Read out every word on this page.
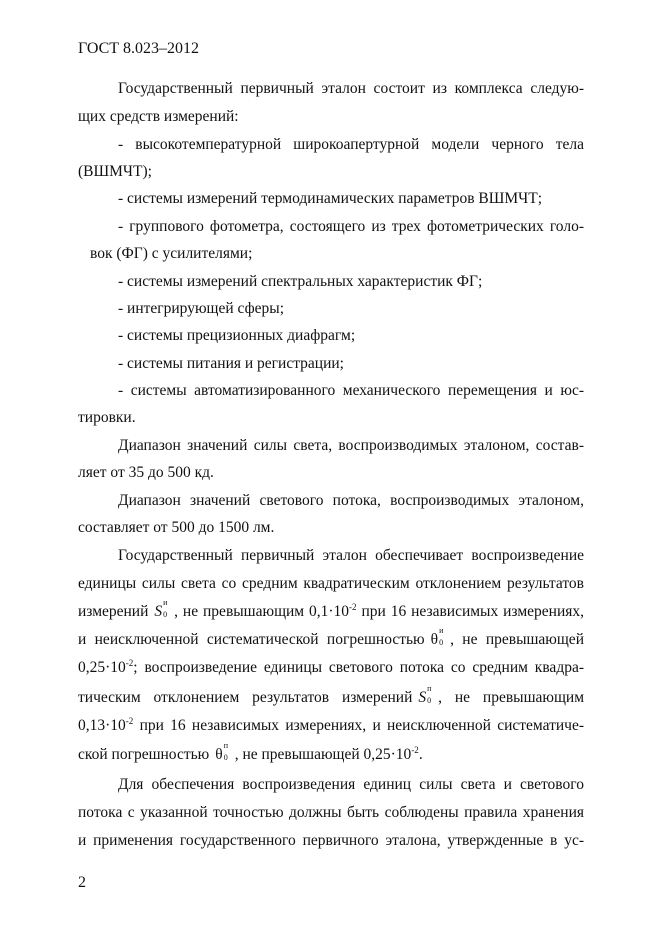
ГОСТ 8.023–2012
Государственный первичный эталон состоит из комплекса следую-
щих средств измерений:
- высокотемпературной широкоапертурной модели черного тела
(ВШМЧТ);
- системы измерений термодинамических параметров ВШМЧТ;
- группового фотометра, состоящего из трех фотометрических голо-
вок (ФГ) с усилителями;
- системы измерений спектральных характеристик ФГ;
- интегрирующей сферы;
- системы прецизионных диафрагм;
- системы питания и регистрации;
- системы автоматизированного механического перемещения и юс-
тировки.
Диапазон значений силы света, воспроизводимых эталоном, состав-
ляет от 35 до 500 кд.
Диапазон значений светового потока, воспроизводимых эталоном,
составляет от 500 до 1500 лм.
Государственный первичный эталон обеспечивает воспроизведение
единицы силы света со средним квадратическим отклонением результатов
измерений S
и
0 , не превышающим $0,1\cdot 10^{-2}$ при 16 независимых измерениях,
и неисключенной систематической погрешностью θ
и
0 , не превышающей
$0,25\cdot 10^{-2}$; воспроизведение единицы светового потока со средним квадра-
тическим отклонением результатов измерений S
п
0 , не превышающим
$0,13\cdot 10^{-2}$ при 16 независимых измерениях, и неисключенной систематиче-
ской погрешностью θ
п
0 , не превышающей $0,25\cdot 10^{-2}$.
Для обеспечения воспроизведения единиц силы света и светового
потока с указанной точностью должны быть соблюдены правила хранения
и применения государственного первичного эталона, утвержденные в ус-
2
